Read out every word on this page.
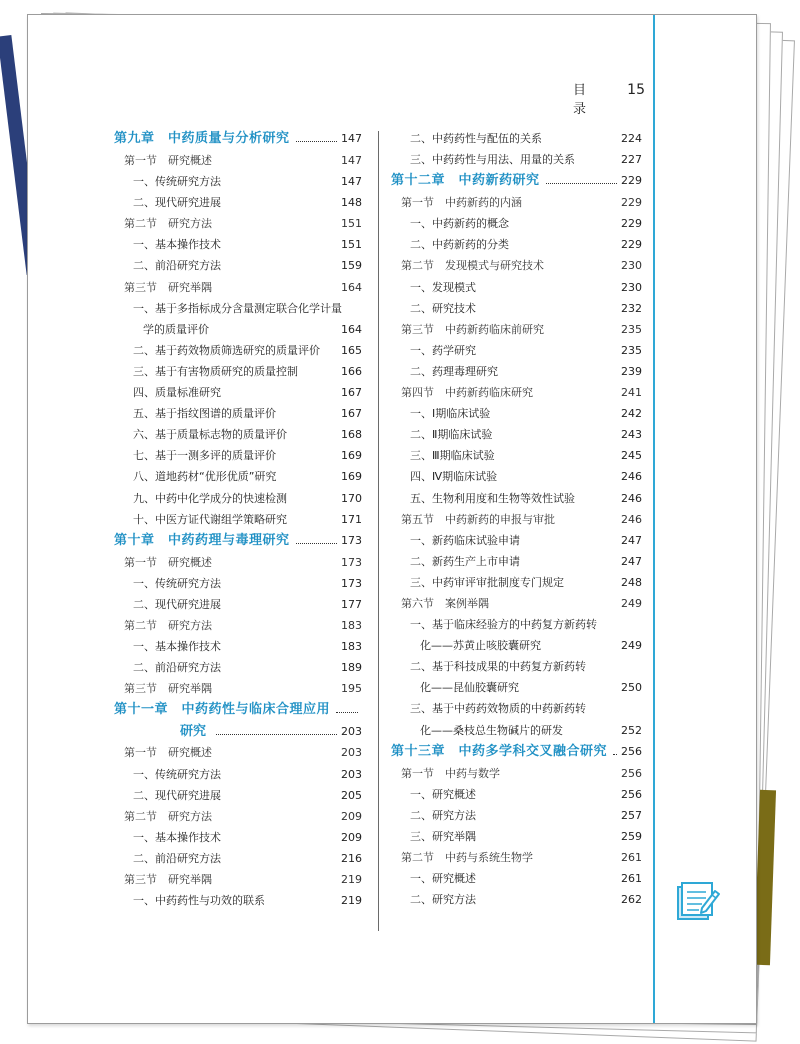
目 录
15
第九章　中药质量与分析研究	147
第一节　研究概述	147
一、传统研究方法	147
二、现代研究进展	148
第二节　研究方法	151
一、基本操作技术	151
二、前沿研究方法	159
第三节　研究举隅	164
一、基于多指标成分含量测定联合化学计量
学的质量评价	164
二、基于药效物质筛选研究的质量评价 165
三、基于有害物质研究的质量控制	166
四、质量标准研究	167
五、基于指纹图谱的质量评价	167
六、基于质量标志物的质量评价	168
七、基于一测多评的质量评价	169
八、道地药材“优形优质”研究	169
九、中药中化学成分的快速检测	170
十、中医方证代谢组学策略研究	171
第十章　中药药理与毒理研究	173
第一节　研究概述	173
一、传统研究方法	173
二、现代研究进展	177
第二节　研究方法	183
一、基本操作技术	183
二、前沿研究方法	189
第三节　研究举隅	195
第十一章　中药药性与临床合理应用
研究	203
第一节　研究概述	203
一、传统研究方法	203
二、现代研究进展	205
第二节　研究方法	209
一、基本操作技术	209
二、前沿研究方法	216
第三节　研究举隅	219
一、中药药性与功效的联系	219
二、中药药性与配伍的关系	224
三、中药药性与用法、用量的关系	227
第十二章　中药新药研究	229
第一节　中药新药的内涵	229
一、中药新药的概念	229
二、中药新药的分类	229
第二节　发现模式与研究技术	230
一、发现模式	230
二、研究技术	232
第三节　中药新药临床前研究	235
一、药学研究	235
二、药理毒理研究	239
第四节　中药新药临床研究	241
一、Ⅰ期临床试验	242
二、Ⅱ期临床试验	243
三、Ⅲ期临床试验	245
四、Ⅳ期临床试验	246
五、生物利用度和生物等效性试验	246
第五节　中药新药的申报与审批	246
一、新药临床试验申请	247
二、新药生产上市申请	247
三、中药审评审批制度专门规定	248
第六节　案例举隅	249
一、基于临床经验方的中药复方新药转
化——苏黄止咳胶囊研究	249
二、基于科技成果的中药复方新药转
化——昆仙胶囊研究	250
三、基于中药药效物质的中药新药转
化——桑枝总生物碱片的研发	252
第十三章　中药多学科交叉融合研究 256
第一节　中药与数学	256
一、研究概述	256
二、研究方法	257
三、研究举隅	259
第二节　中药与系统生物学	261
一、研究概述	261
二、研究方法	262
